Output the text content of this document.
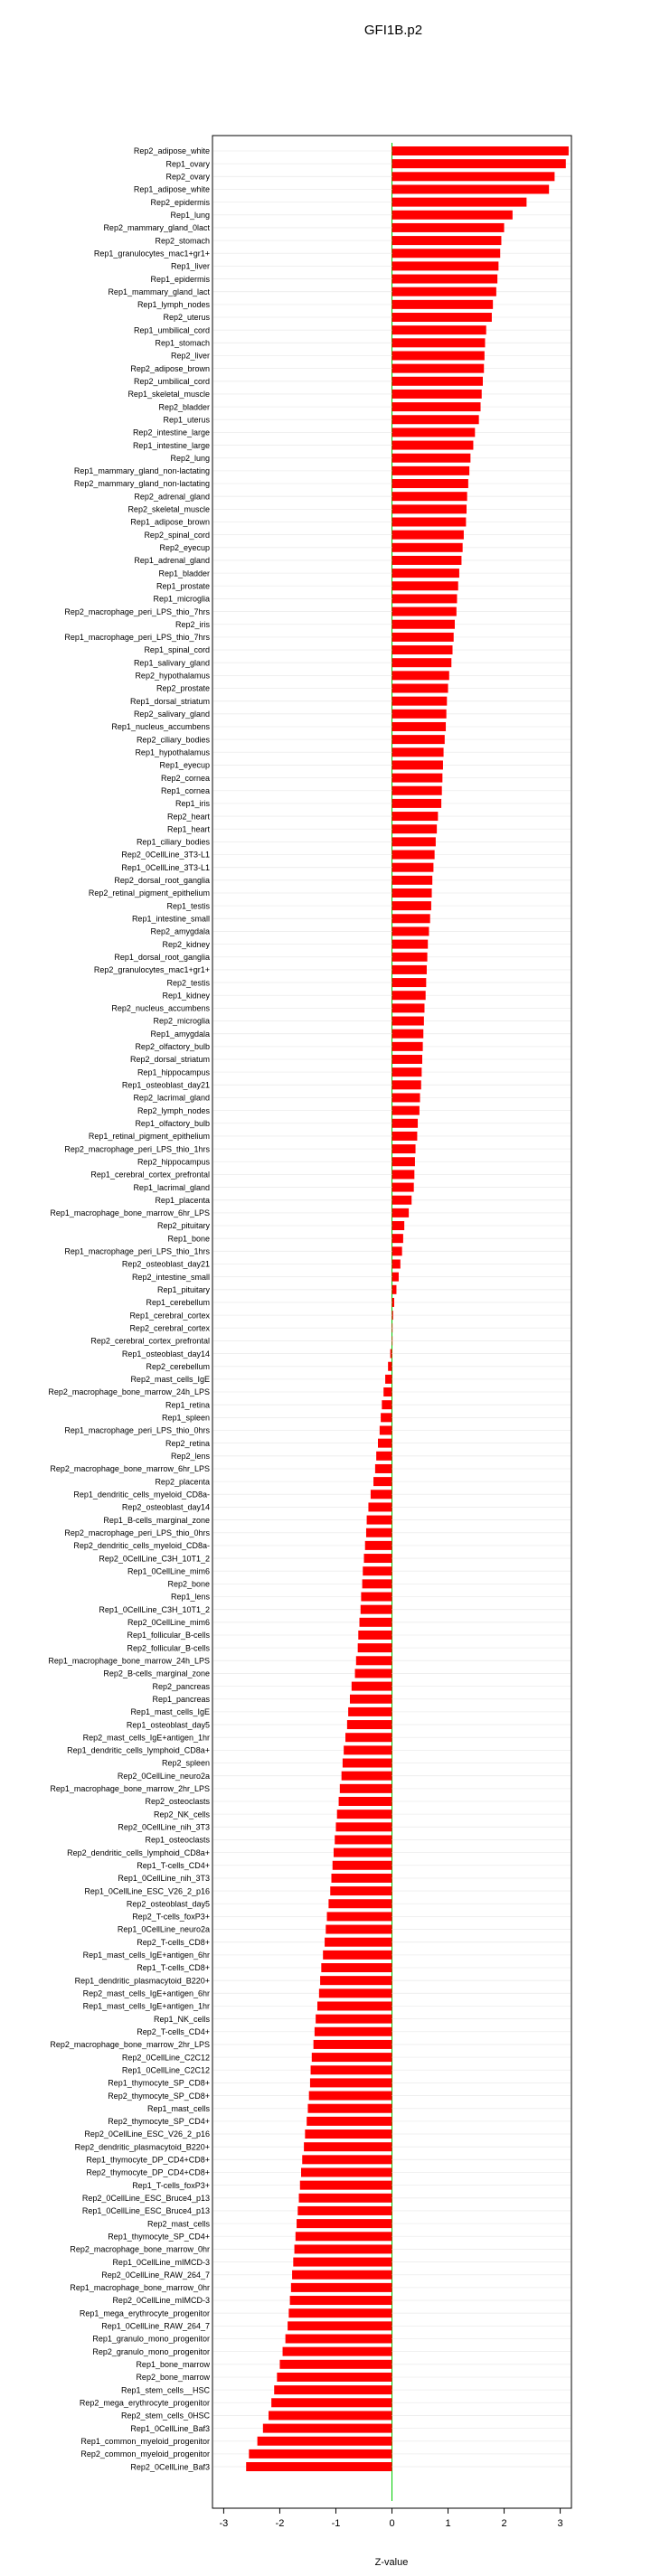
GFI1B.p2
Rep2_adipose_white
Rep1_ovary
Rep2_ovary
Rep1_adipose_white
Rep2_epidermis
Rep1_lung
Rep2_mammary_gland_0lact
Rep2_stomach
Rep1_granulocytes_mac1+gr1+
Rep1_liver
Rep1_epidermis
Rep1_mammary_gland_lact
Rep1_lymph_nodes
Rep2_uterus
Rep1_umbilical_cord
Rep1_stomach
Rep2_liver
Rep2_adipose_brown
Rep2_umbilical_cord
Rep1_skeletal_muscle
Rep2_bladder
Rep1_uterus
Rep2_intestine_large
Rep1_intestine_large
Rep2_lung
Rep1_mammary_gland_non-lactating
Rep2_mammary_gland_non-lactating
Rep2_adrenal_gland
Rep2_skeletal_muscle
Rep1_adipose_brown
Rep2_spinal_cord
Rep2_eyecup
Rep1_adrenal_gland
Rep1_bladder
Rep1_prostate
Rep1_microglia
Rep2_macrophage_peri_LPS_thio_7hrs
Rep2_iris
Rep1_macrophage_peri_LPS_thio_7hrs
Rep1_spinal_cord
Rep1_salivary_gland
Rep2_hypothalamus
Rep2_prostate
Rep1_dorsal_striatum
Rep2_salivary_gland
Rep1_nucleus_accumbens
Rep2_ciliary_bodies
Rep1_hypothalamus
Rep1_eyecup
Rep2_cornea
Rep1_cornea
Rep1_iris
Rep2_heart
Rep1_heart
Rep1_ciliary_bodies
Rep2_0CellLine_3T3-L1
Rep1_0CellLine_3T3-L1
Rep2_dorsal_root_ganglia
Rep2_retinal_pigment_epithelium
Rep1_testis
Rep1_intestine_small
Rep2_amygdala
Rep2_kidney
Rep1_dorsal_root_ganglia
Rep2_granulocytes_mac1+gr1+
Rep2_testis
Rep1_kidney
Rep2_nucleus_accumbens
Rep2_microglia
Rep1_amygdala
Rep2_olfactory_bulb
Rep2_dorsal_striatum
Rep1_hippocampus
Rep1_osteoblast_day21
Rep2_lacrimal_gland
Rep2_lymph_nodes
Rep1_olfactory_bulb
Rep1_retinal_pigment_epithelium
Rep2_macrophage_peri_LPS_thio_1hrs
Rep2_hippocampus
Rep1_cerebral_cortex_prefrontal
Rep1_lacrimal_gland
Rep1_placenta
Rep1_macrophage_bone_marrow_6hr_LPS
Rep2_pituitary
Rep1_bone
Rep1_macrophage_peri_LPS_thio_1hrs
Rep2_osteoblast_day21
Rep2_intestine_small
Rep1_pituitary
Rep1_cerebellum
Rep1_cerebral_cortex
Rep2_cerebral_cortex
Rep2_cerebral_cortex_prefrontal
Rep1_osteoblast_day14
Rep2_cerebellum
Rep2_mast_cells_IgE
Rep2_macrophage_bone_marrow_24h_LPS
Rep1_retina
Rep1_spleen
Rep1_macrophage_peri_LPS_thio_0hrs
Rep2_retina
Rep2_lens
Rep2_macrophage_bone_marrow_6hr_LPS
Rep2_placenta
Rep1_dendritic_cells_myeloid_CD8a-
Rep2_osteoblast_day14
Rep1_B-cells_marginal_zone
Rep2_macrophage_peri_LPS_thio_0hrs
Rep2_dendritic_cells_myeloid_CD8a-
Rep2_0CellLine_C3H_10T1_2
Rep1_0CellLine_mim6
Rep2_bone
Rep1_lens
Rep1_0CellLine_C3H_10T1_2
Rep2_0CellLine_mim6
Rep1_follicular_B-cells
Rep2_follicular_B-cells
Rep1_macrophage_bone_marrow_24h_LPS
Rep2_B-cells_marginal_zone
Rep2_pancreas
Rep1_pancreas
Rep1_mast_cells_IgE
Rep1_osteoblast_day5
Rep2_mast_cells_IgE+antigen_1hr
Rep1_dendritic_cells_lymphoid_CD8a+
Rep2_spleen
Rep2_0CellLine_neuro2a
Rep1_macrophage_bone_marrow_2hr_LPS
Rep2_osteoclasts
Rep2_NK_cells
Rep2_0CellLine_nih_3T3
Rep1_osteoclasts
Rep2_dendritic_cells_lymphoid_CD8a+
Rep1_T-cells_CD4+
Rep1_0CellLine_nih_3T3
Rep1_0CellLine_ESC_V26_2_p16
Rep2_osteoblast_day5
Rep2_T-cells_foxP3+
Rep1_0CellLine_neuro2a
Rep2_T-cells_CD8+
Rep1_mast_cells_IgE+antigen_6hr
Rep1_T-cells_CD8+
Rep1_dendritic_plasmacytoid_B220+
Rep2_mast_cells_IgE+antigen_6hr
Rep1_mast_cells_IgE+antigen_1hr
Rep1_NK_cells
Rep2_T-cells_CD4+
Rep2_macrophage_bone_marrow_2hr_LPS
Rep2_0CellLine_C2C12
Rep1_0CellLine_C2C12
Rep1_thymocyte_SP_CD8+
Rep2_thymocyte_SP_CD8+
Rep1_mast_cells
Rep2_thymocyte_SP_CD4+
Rep2_0CellLine_ESC_V26_2_p16
Rep2_dendritic_plasmacytoid_B220+
Rep1_thymocyte_DP_CD4+CD8+
Rep2_thymocyte_DP_CD4+CD8+
Rep1_T-cells_foxP3+
Rep2_0CellLine_ESC_Bruce4_p13
Rep1_0CellLine_ESC_Bruce4_p13
Rep2_mast_cells
Rep1_thymocyte_SP_CD4+
Rep2_macrophage_bone_marrow_0hr
Rep1_0CellLine_mIMCD-3
Rep2_0CellLine_RAW_264_7
Rep1_macrophage_bone_marrow_0hr
Rep2_0CellLine_mIMCD-3
Rep1_mega_erythrocyte_progenitor
Rep1_0CellLine_RAW_264_7
Rep1_granulo_mono_progenitor
Rep2_granulo_mono_progenitor
Rep1_bone_marrow
Rep2_bone_marrow
Rep1_stem_cells__HSC
Rep2_mega_erythrocyte_progenitor
Rep2_stem_cells_0HSC
Rep1_0CellLine_Baf3
Rep1_common_myeloid_progenitor
Rep2_common_myeloid_progenitor
Rep2_0CellLine_Baf3
-3	-2	-1	0	1	2	3
Z-value
